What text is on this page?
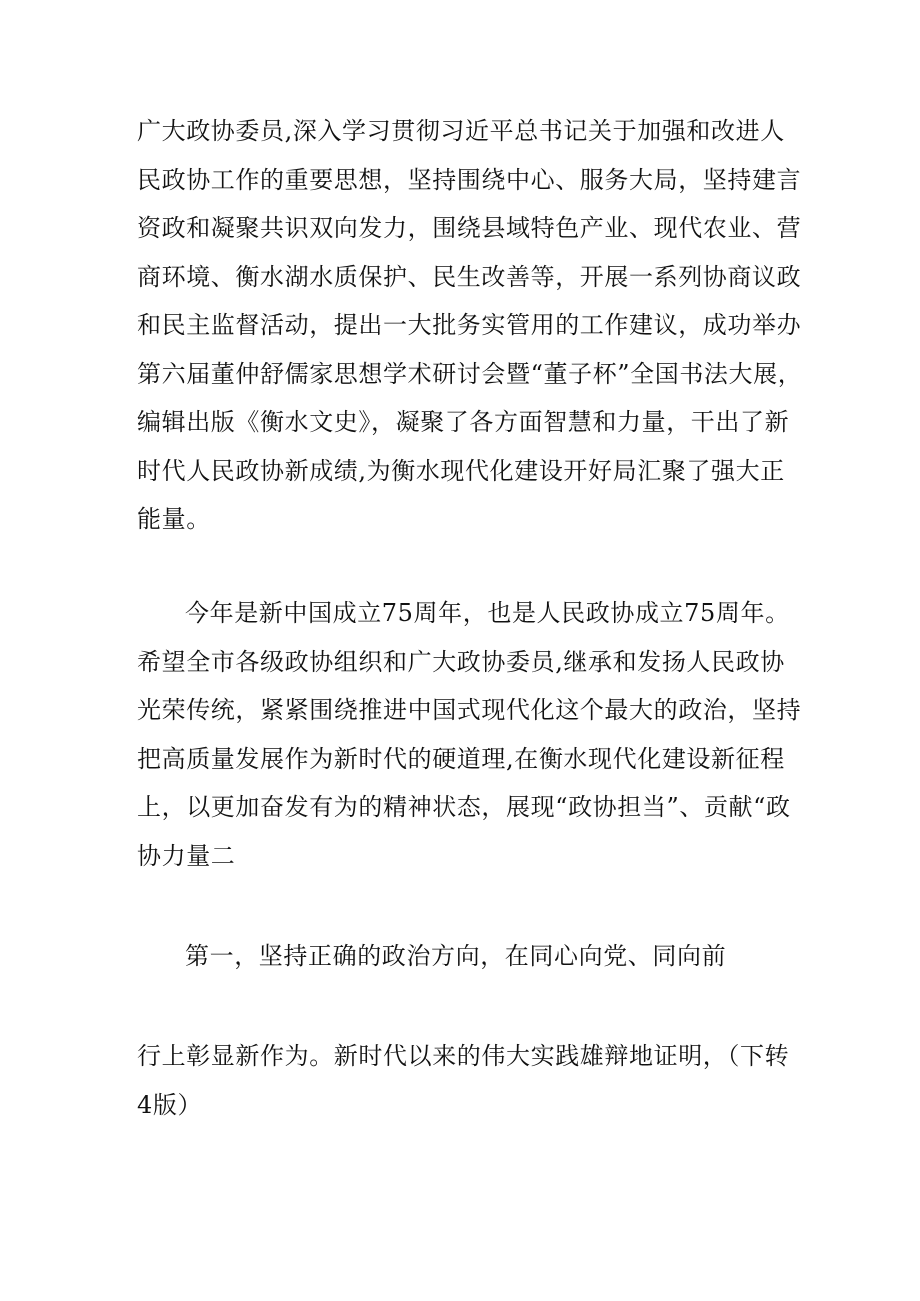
广大政协委员,深入学习贯彻习近平总书记关于加强和改进人
民政协工作的重要思想，坚持围绕中心、服务大局，坚持建言
资政和凝聚共识双向发力，围绕县域特色产业、现代农业、营
商环境、衡水湖水质保护、民生改善等，开展一系列协商议政
和民主监督活动，提出一大批务实管用的工作建议，成功举办
第六届董仲舒儒家思想学术研讨会暨“董子杯”全国书法大展，
编辑出版《衡水文史》，凝聚了各方面智慧和力量，干出了新
时代人民政协新成绩,为衡水现代化建设开好局汇聚了强大正
能量。
今年是新中国成立75周年，也是人民政协成立75周年。
希望全市各级政协组织和广大政协委员,继承和发扬人民政协
光荣传统，紧紧围绕推进中国式现代化这个最大的政治，坚持
把高质量发展作为新时代的硬道理,在衡水现代化建设新征程
上，以更加奋发有为的精神状态，展现“政协担当”、贡献“政
协力量二
第一，坚持正确的政治方向，在同心向党、同向前
行上彰显新作为。新时代以来的伟大实践雄辩地证明，（下转
4版）
